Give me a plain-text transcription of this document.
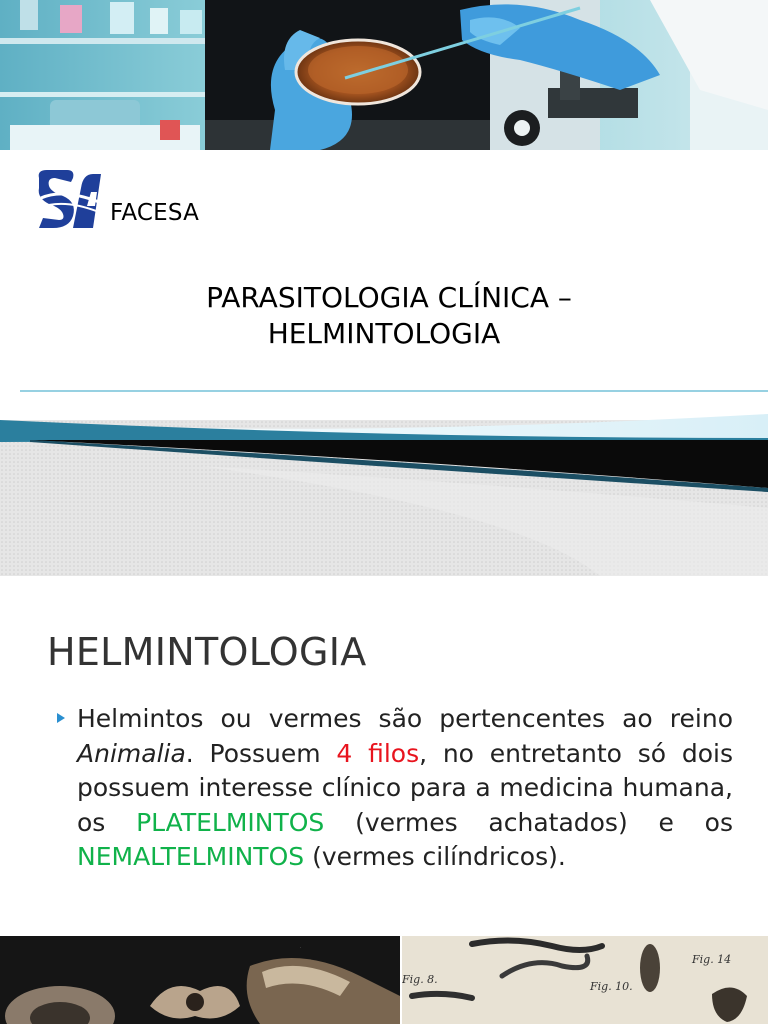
FACESA
PARASITOLOGIA CLÍNICA –
HELMINTOLOGIA
HELMINTOLOGIA
Helmintos ou vermes são pertencentes ao reino Animalia. Possuem 4 filos, no entretanto só dois possuem interesse clínico para a medicina humana, os PLATELMINTOS (vermes achatados) e os NEMALTELMINTOS (vermes cilíndricos).
.
Fig. 8.
Fig. 10.
Fig. 14
